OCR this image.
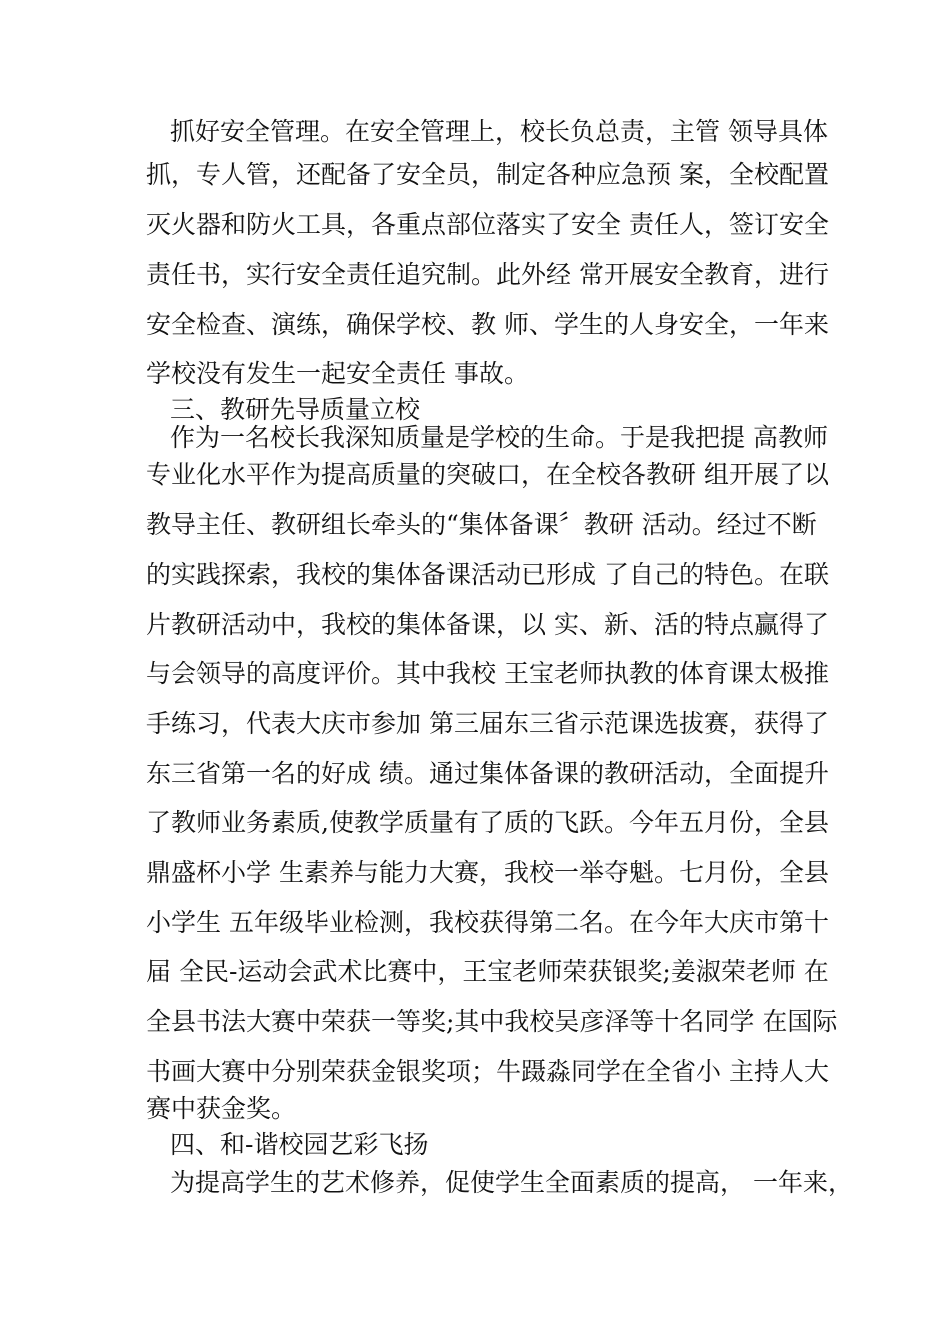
抓好安全管理。在安全管理上，校长负总责，主管 领导具体
抓，专人管，还配备了安全员，制定各种应急预 案，全校配置
灭火器和防火工具，各重点部位落实了安全 责任人，签订安全
责任书，实行安全责任追究制。此外经 常开展安全教育，进行
安全检查、演练，确保学校、教 师、学生的人身安全，一年来
学校没有发生一起安全责任 事故。
三、教研先导质量立校
作为一名校长我深知质量是学校的生命。于是我把提 高教师
专业化水平作为提高质量的突破口，在全校各教研 组开展了以
教导主任、教研组长牵头的“集体备课〞教研 活动。经过不断
的实践探索，我校的集体备课活动已形成 了自己的特色。在联
片教研活动中，我校的集体备课，以 实、新、活的特点赢得了
与会领导的高度评价。其中我校 王宝老师执教的体育课太极推
手练习，代表大庆市参加 第三届东三省示范课选拔赛，获得了
东三省第一名的好成 绩。通过集体备课的教研活动，全面提升
了教师业务素质,使教学质量有了质的飞跃。今年五月份，全县
鼎盛杯小学 生素养与能力大赛，我校一举夺魁。七月份，全县
小学生 五年级毕业检测，我校获得第二名。在今年大庆市第十
届 全民-运动会武术比赛中，王宝老师荣获银奖;姜淑荣老师 在
全县书法大赛中荣获一等奖;其中我校吴彦泽等十名同学 在国际
书画大赛中分别荣获金银奖项；牛蹑淼同学在全省小 主持人大
赛中获金奖。
四、和-谐校园艺彩飞扬
为提高学生的艺术修养，促使学生全面素质的提高， 一年来，
